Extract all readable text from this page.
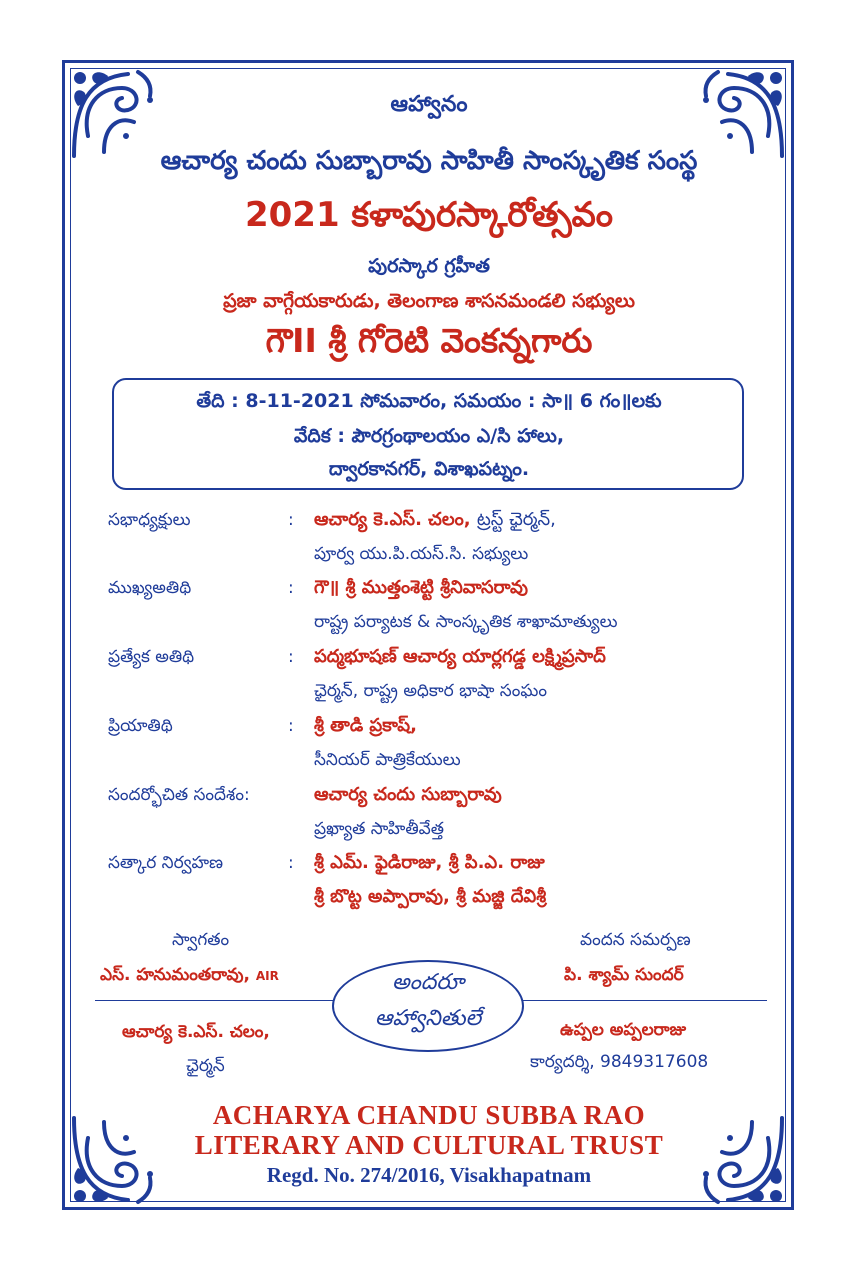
ఆహ్వానం
ఆచార్య చందు సుబ్బారావు సాహితీ సాంస్కృతిక సంస్థ
2021 కళాపురస్కారోత్సవం
పురస్కార గ్రహీత
ప్రజా వాగ్గేయకారుడు, తెలంగాణ శాసనమండలి సభ్యులు
గౌII శ్రీ గోరెటి వెంకన్నగారు
తేది : 8-11-2021 సోమవారం, సమయం : సా॥ 6 గం॥లకు
వేదిక : పౌరగ్రంథాలయం ఎ/సి హాలు,
ద్వారకానగర్, విశాఖపట్నం.
సభాధ్యక్షులు	: ఆచార్య కె.ఎస్. చలం, ట్రస్ట్ ఛైర్మన్,
పూర్వ యు.పి.యస్.సి. సభ్యులు
ముఖ్యఅతిథి	: గౌ॥ శ్రీ ముత్తంశెట్టి శ్రీనివాసరావు
రాష్ట్ర పర్యాటక & సాంస్కృతిక శాఖామాత్యులు
ప్రత్యేక అతిథి	: పద్మభూషణ్ ఆచార్య యార్లగడ్డ లక్ష్మిప్రసాద్
ఛైర్మన్, రాష్ట్ర అధికార భాషా సంఘం
ప్రియాతిథి	: శ్రీ తాడి ప్రకాష్,
సీనియర్ పాత్రికేయులు
సందర్భోచిత సందేశం:	ఆచార్య చందు సుబ్బారావు
ప్రఖ్యాత సాహితీవేత్త
సత్కార నిర్వహణ	: శ్రీ ఎమ్. ఫైడిరాజు, శ్రీ పి.ఎ. రాజు
శ్రీ బొట్ట అప్పారావు, శ్రీ మజ్జి దేవిశ్రీ
స్వాగతం
ఎస్. హనుమంతరావు, AIR
వందన సమర్పణ
పి. శ్యామ్ సుందర్
అందరూ
ఆహ్వానితులే
ఆచార్య కె.ఎస్. చలం,
ఛైర్మన్
ఉప్పల అప్పలరాజు
కార్యదర్శి, 9849317608
ACHARYA CHANDU SUBBA RAO
LITERARY AND CULTURAL TRUST
Regd. No. 274/2016, Visakhapatnam
